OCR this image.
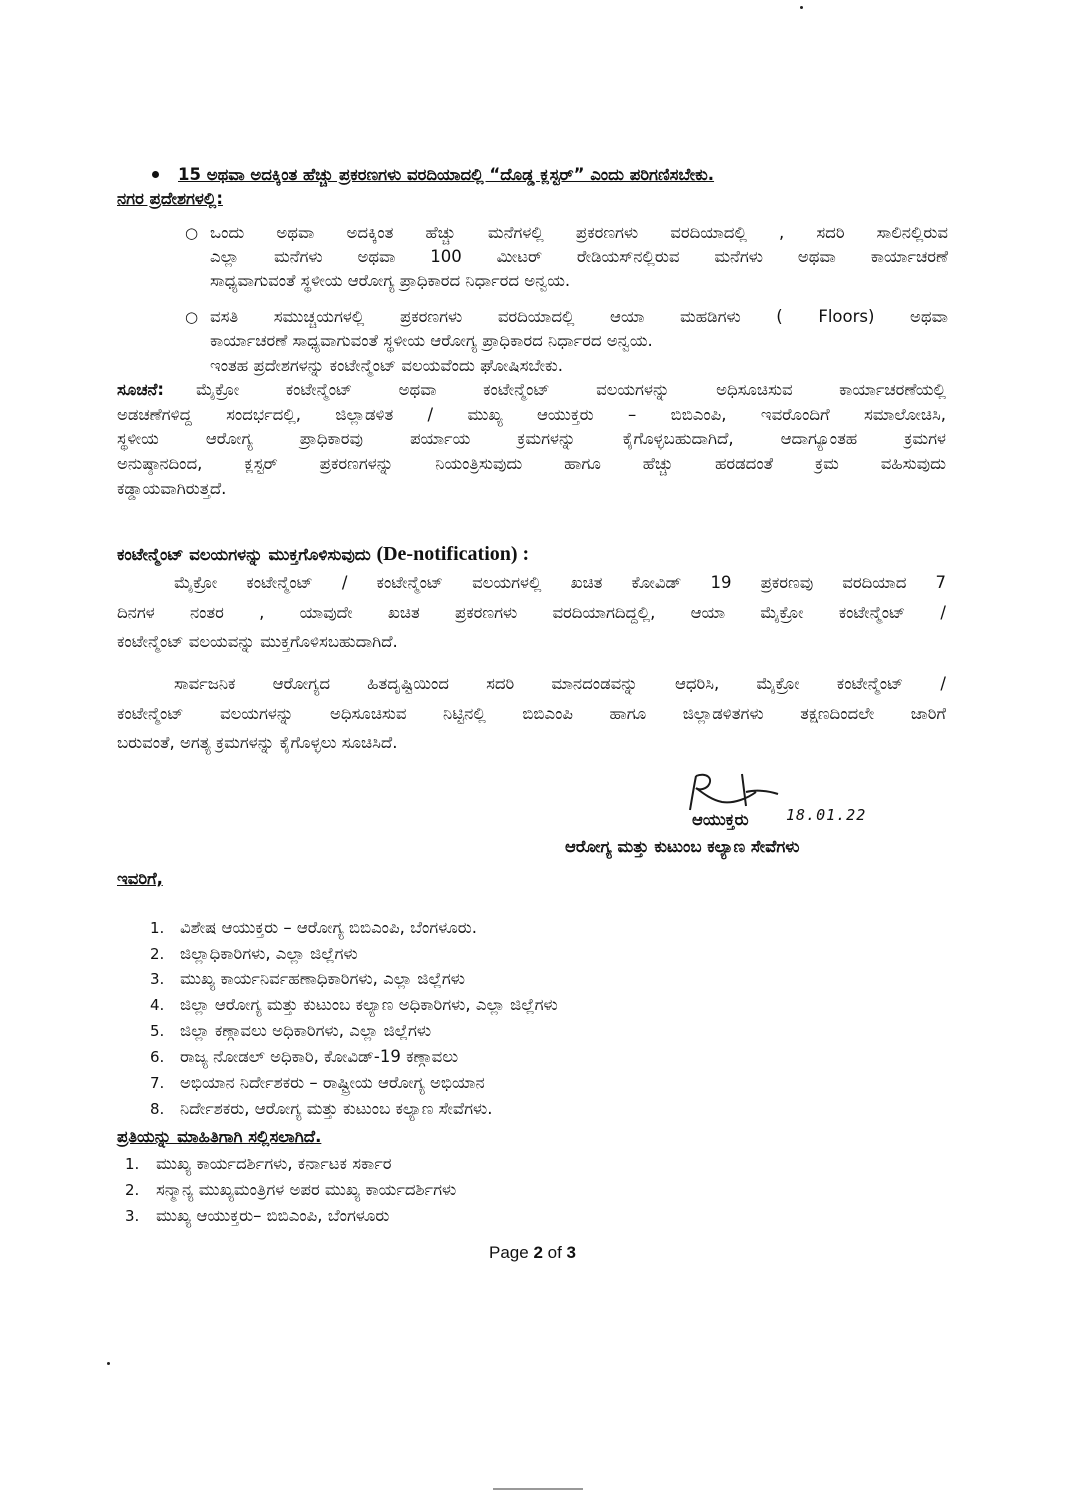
15 ಅಥವಾ ಅದಕ್ಕಿಂತ ಹೆಚ್ಚು ಪ್ರಕರಣಗಳು ವರದಿಯಾದಲ್ಲಿ “ದೊಡ್ಡ ಕ್ಲಸ್ಟರ್” ಎಂದು ಪರಿಗಣಿಸಬೇಕು.
ನಗರ ಪ್ರದೇಶಗಳಲ್ಲಿ:
○ ಒಂದು ಅಥವಾ ಅದಕ್ಕಿಂತ ಹೆಚ್ಚು ಮನೆಗಳಲ್ಲಿ ಪ್ರಕರಣಗಳು ವರದಿಯಾದಲ್ಲಿ , ಸದರಿ ಸಾಲಿನಲ್ಲಿರುವ
ಎಲ್ಲಾ ಮನೆಗಳು ಅಥವಾ 100 ಮೀಟರ್ ರೇಡಿಯಸ್‌ನಲ್ಲಿರುವ ಮನೆಗಳು ಅಥವಾ ಕಾರ್ಯಾಚರಣೆ
ಸಾಧ್ಯವಾಗುವಂತೆ ಸ್ಥಳೀಯ ಆರೋಗ್ಯ ಪ್ರಾಧಿಕಾರದ ನಿರ್ಧಾರದ ಅನ್ವಯ.
○ ವಸತಿ ಸಮುಚ್ಚಯಗಳಲ್ಲಿ ಪ್ರಕರಣಗಳು ವರದಿಯಾದಲ್ಲಿ ಆಯಾ ಮಹಡಿಗಳು ( Floors) ಅಥವಾ
ಕಾರ್ಯಾಚರಣೆ ಸಾಧ್ಯವಾಗುವಂತೆ ಸ್ಥಳೀಯ ಆರೋಗ್ಯ ಪ್ರಾಧಿಕಾರದ ನಿರ್ಧಾರದ ಅನ್ವಯ.
ಇಂತಹ ಪ್ರದೇಶಗಳನ್ನು ಕಂಟೇನ್ಮೆಂಟ್ ವಲಯವೆಂದು ಘೋಷಿಸಬೇಕು.
ಸೂಚನೆ: ಮೈಕ್ರೋ ಕಂಟೇನ್ಮೆಂಟ್ ಅಥವಾ ಕಂಟೇನ್ಮೆಂಟ್ ವಲಯಗಳನ್ನು ಅಧಿಸೂಚಿಸುವ ಕಾರ್ಯಾಚರಣೆಯಲ್ಲಿ
ಅಡಚಣೆಗಳಿದ್ದ ಸಂದರ್ಭದಲ್ಲಿ, ಜಿಲ್ಲಾಡಳಿತ / ಮುಖ್ಯ ಆಯುಕ್ತರು – ಬಿಬಿಎಂಪಿ, ಇವರೊಂದಿಗೆ ಸಮಾಲೋಚಿಸಿ,
ಸ್ಥಳೀಯ ಆರೋಗ್ಯ ಪ್ರಾಧಿಕಾರವು ಪರ್ಯಾಯ ಕ್ರಮಗಳನ್ನು ಕೈಗೊಳ್ಳಬಹುದಾಗಿದೆ, ಆದಾಗ್ಯೂಂತಹ ಕ್ರಮಗಳ
ಅನುಷ್ಠಾನದಿಂದ, ಕ್ಲಸ್ಟರ್ ಪ್ರಕರಣಗಳನ್ನು ನಿಯಂತ್ರಿಸುವುದು ಹಾಗೂ ಹೆಚ್ಚು ಹರಡದಂತೆ ಕ್ರಮ ವಹಿಸುವುದು
ಕಡ್ಡಾಯವಾಗಿರುತ್ತದೆ.
ಕಂಟೇನ್ಮೆಂಟ್ ವಲಯಗಳನ್ನು ಮುಕ್ತಗೊಳಿಸುವುದು (De-notification) :
ಮೈಕ್ರೋ ಕಂಟೇನ್ಮೆಂಟ್ / ಕಂಟೇನ್ಮೆಂಟ್ ವಲಯಗಳಲ್ಲಿ ಖಚಿತ ಕೋವಿಡ್ 19 ಪ್ರಕರಣವು ವರದಿಯಾದ 7
ದಿನಗಳ ನಂತರ , ಯಾವುದೇ ಖಚಿತ ಪ್ರಕರಣಗಳು ವರದಿಯಾಗದಿದ್ದಲ್ಲಿ, ಆಯಾ ಮೈಕ್ರೋ ಕಂಟೇನ್ಮೆಂಟ್ /
ಕಂಟೇನ್ಮೆಂಟ್ ವಲಯವನ್ನು ಮುಕ್ತಗೊಳಿಸಬಹುದಾಗಿದೆ.
ಸಾರ್ವಜನಿಕ ಆರೋಗ್ಯದ ಹಿತದೃಷ್ಟಿಯಿಂದ ಸದರಿ ಮಾನದಂಡವನ್ನು ಆಧರಿಸಿ, ಮೈಕ್ರೋ ಕಂಟೇನ್ಮೆಂಟ್ /
ಕಂಟೇನ್ಮೆಂಟ್ ವಲಯಗಳನ್ನು ಅಧಿಸೂಚಿಸುವ ನಿಟ್ಟಿನಲ್ಲಿ ಬಿಬಿಎಂಪಿ ಹಾಗೂ ಜಿಲ್ಲಾಡಳಿತಗಳು ತಕ್ಷಣದಿಂದಲೇ ಜಾರಿಗೆ
ಬರುವಂತೆ, ಅಗತ್ಯ ಕ್ರಮಗಳನ್ನು ಕೈಗೊಳ್ಳಲು ಸೂಚಿಸಿದೆ.
18.01.22
ಆಯುಕ್ತರು
ಆರೋಗ್ಯ ಮತ್ತು ಕುಟುಂಬ ಕಲ್ಯಾಣ ಸೇವೆಗಳು
ಇವರಿಗೆ,
1. ವಿಶೇಷ ಆಯುಕ್ತರು – ಆರೋಗ್ಯ ಬಿಬಿಎಂಪಿ, ಬೆಂಗಳೂರು.
2. ಜಿಲ್ಲಾಧಿಕಾರಿಗಳು, ಎಲ್ಲಾ ಜಿಲ್ಲೆಗಳು
3. ಮುಖ್ಯ ಕಾರ್ಯನಿರ್ವಹಣಾಧಿಕಾರಿಗಳು, ಎಲ್ಲಾ ಜಿಲ್ಲೆಗಳು
4. ಜಿಲ್ಲಾ ಆರೋಗ್ಯ ಮತ್ತು ಕುಟುಂಬ ಕಲ್ಯಾಣ ಅಧಿಕಾರಿಗಳು, ಎಲ್ಲಾ ಜಿಲ್ಲೆಗಳು
5. ಜಿಲ್ಲಾ ಕಣ್ಗಾವಲು ಅಧಿಕಾರಿಗಳು, ಎಲ್ಲಾ ಜಿಲ್ಲೆಗಳು
6. ರಾಜ್ಯ ನೋಡಲ್ ಅಧಿಕಾರಿ, ಕೋವಿಡ್-19 ಕಣ್ಗಾವಲು
7. ಅಭಿಯಾನ ನಿರ್ದೇಶಕರು – ರಾಷ್ಟ್ರೀಯ ಆರೋಗ್ಯ ಅಭಿಯಾನ
8. ನಿರ್ದೇಶಕರು, ಆರೋಗ್ಯ ಮತ್ತು ಕುಟುಂಬ ಕಲ್ಯಾಣ ಸೇವೆಗಳು.
ಪ್ರತಿಯನ್ನು ಮಾಹಿತಿಗಾಗಿ ಸಲ್ಲಿಸಲಾಗಿದೆ.
1. ಮುಖ್ಯ ಕಾರ್ಯದರ್ಶಿಗಳು, ಕರ್ನಾಟಕ ಸರ್ಕಾರ
2. ಸನ್ಮಾನ್ಯ ಮುಖ್ಯಮಂತ್ರಿಗಳ ಅಪರ ಮುಖ್ಯ ಕಾರ್ಯದರ್ಶಿಗಳು
3. ಮುಖ್ಯ ಆಯುಕ್ತರು– ಬಿಬಿಎಂಪಿ, ಬೆಂಗಳೂರು
Page 2 of 3
